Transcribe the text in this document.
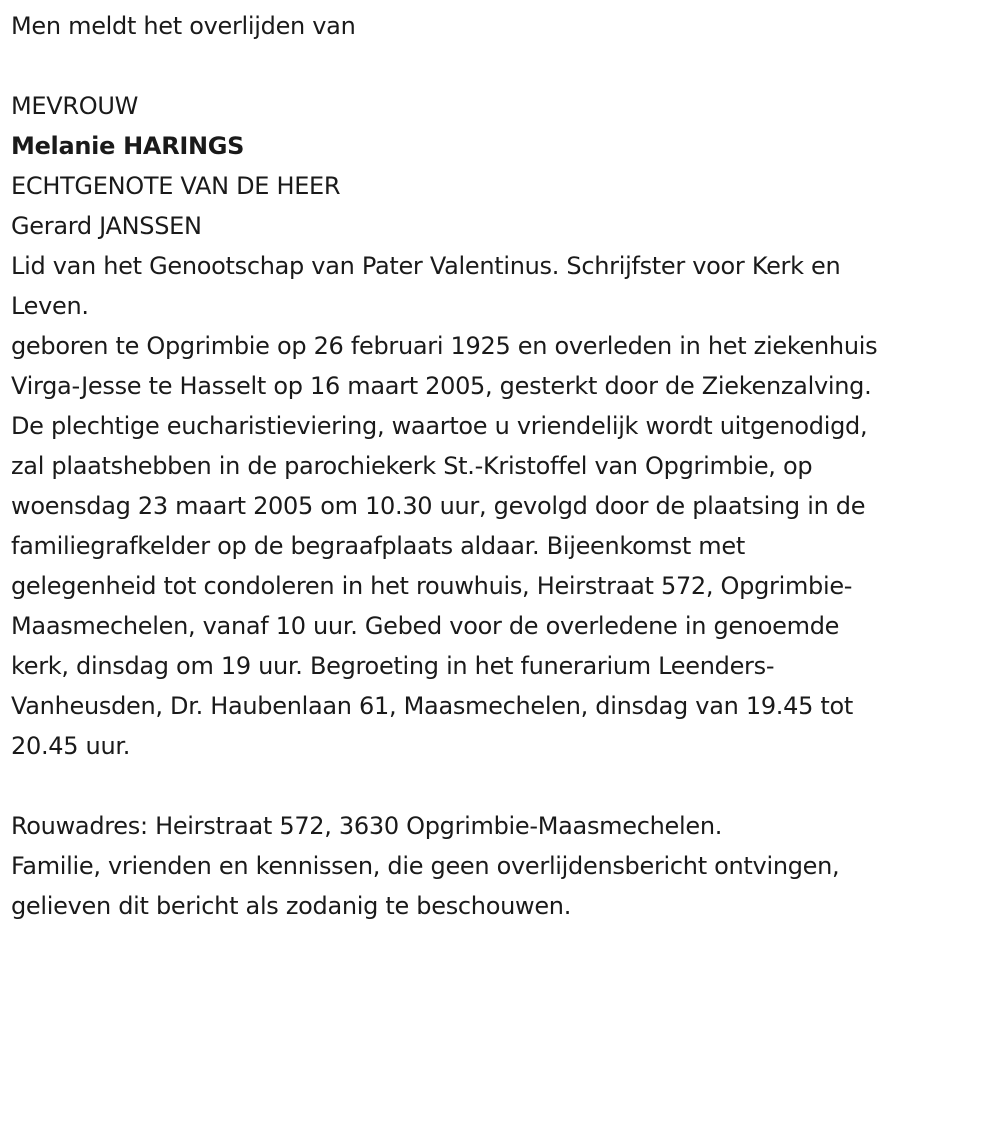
Men meldt het overlijden van
MEVROUW
Melanie HARINGS
ECHTGENOTE VAN DE HEER
Gerard JANSSEN
Lid van het Genootschap van Pater Valentinus. Schrijfster voor Kerk en
Leven.
geboren te Opgrimbie op 26 februari 1925 en overleden in het ziekenhuis
Virga-Jesse te Hasselt op 16 maart 2005, gesterkt door de Ziekenzalving.
De plechtige eucharistieviering, waartoe u vriendelijk wordt uitgenodigd,
zal plaatshebben in de parochiekerk St.-Kristoffel van Opgrimbie, op
woensdag 23 maart 2005 om 10.30 uur, gevolgd door de plaatsing in de
familiegrafkelder op de begraafplaats aldaar. Bijeenkomst met
gelegenheid tot condoleren in het rouwhuis, Heirstraat 572, Opgrimbie-
Maasmechelen, vanaf 10 uur. Gebed voor de overledene in genoemde
kerk, dinsdag om 19 uur. Begroeting in het funerarium Leenders-
Vanheusden, Dr. Haubenlaan 61, Maasmechelen, dinsdag van 19.45 tot
20.45 uur.
Rouwadres: Heirstraat 572, 3630 Opgrimbie-Maasmechelen.
Familie, vrienden en kennissen, die geen overlijdensbericht ontvingen,
gelieven dit bericht als zodanig te beschouwen.
